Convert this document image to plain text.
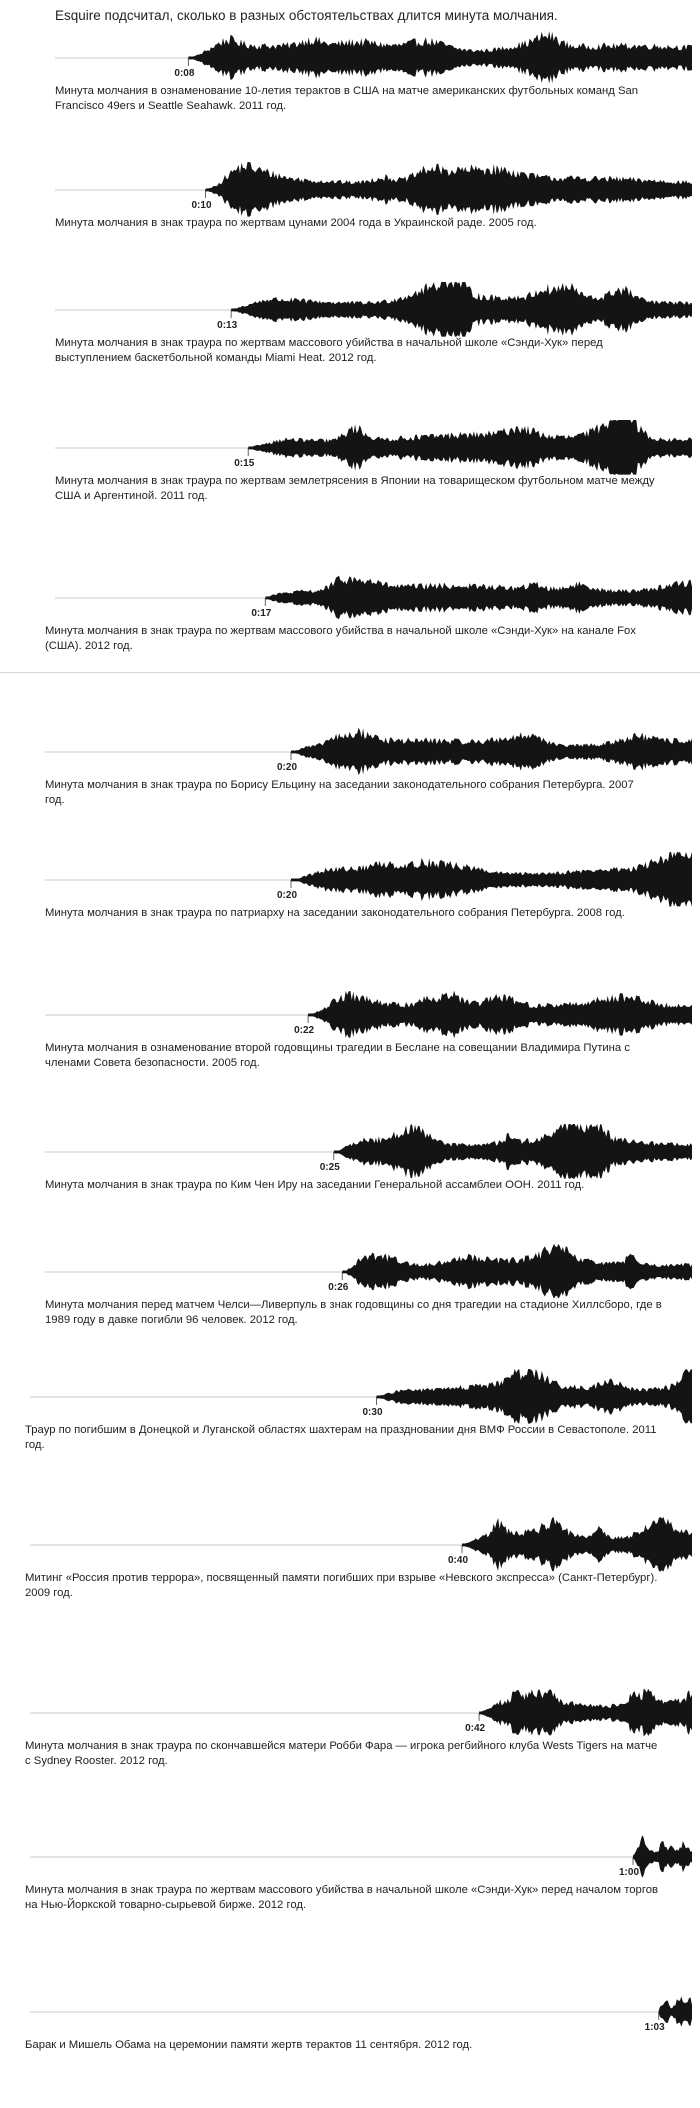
Esquire подсчитал, сколько в разных обстоятельствах длится минута молчания.
0:08
Минута молчания в ознаменование 10-летия терактов в США на матче американских футбольных команд San Francisco 49ers и Seattle Seahawk. 2011 год.
0:10
Минута молчания в знак траура по жертвам цунами 2004 года в Украинской раде. 2005 год.
0:13
Минута молчания в знак траура по жертвам массового убийства в начальной школе «Сэнди-Хук» перед выступлением баскетбольной команды Miami Heat. 2012 год.
0:15
Минута молчания в знак траура по жертвам землетрясения в Японии на товарищеском футбольном матче между США и Аргентиной. 2011 год.
0:17
Минута молчания в знак траура по жертвам массового убийства в начальной школе «Сэнди-Хук» на канале Fox (США). 2012 год.
0:20
Минута молчания в знак траура по Борису Ельцину на заседании законодательного собрания Петербурга. 2007 год.
0:20
Минута молчания в знак траура по патриарху на заседании законодательного собрания Петербурга. 2008 год.
0:22
Минута молчания в ознаменование второй годовщины трагедии в Беслане на совещании Владимира Путина с членами Совета безопасности. 2005 год.
0:25
Минута молчания в знак траура по Ким Чен Иру на заседании Генеральной ассамблеи ООН. 2011 год.
0:26
Минута молчания перед матчем Челси—Ливерпуль в знак годовщины со дня трагедии на стадионе Хиллсборо, где в 1989 году в давке погибли 96 человек. 2012 год.
0:30
Траур по погибшим в Донецкой и Луганской областях шахтерам на праздновании дня ВМФ России в Севастополе. 2011 год.
0:40
Митинг «Россия против террора», посвященный памяти погибших при взрыве «Невского экспресса» (Санкт-Петербург). 2009 год.
0:42
Минута молчания в знак траура по скончавшейся матери Робби Фара — игрока регбийного клуба Wests Tigers на матче с Sydney Rooster. 2012 год.
1:00
Минута молчания в знак траура по жертвам массового убийства в начальной школе «Сэнди-Хук» перед началом торгов на Нью-Йоркской товарно-сырьевой бирже. 2012 год.
1:03
Барак и Мишель Обама на церемонии памяти жертв терактов 11 сентября. 2012 год.
